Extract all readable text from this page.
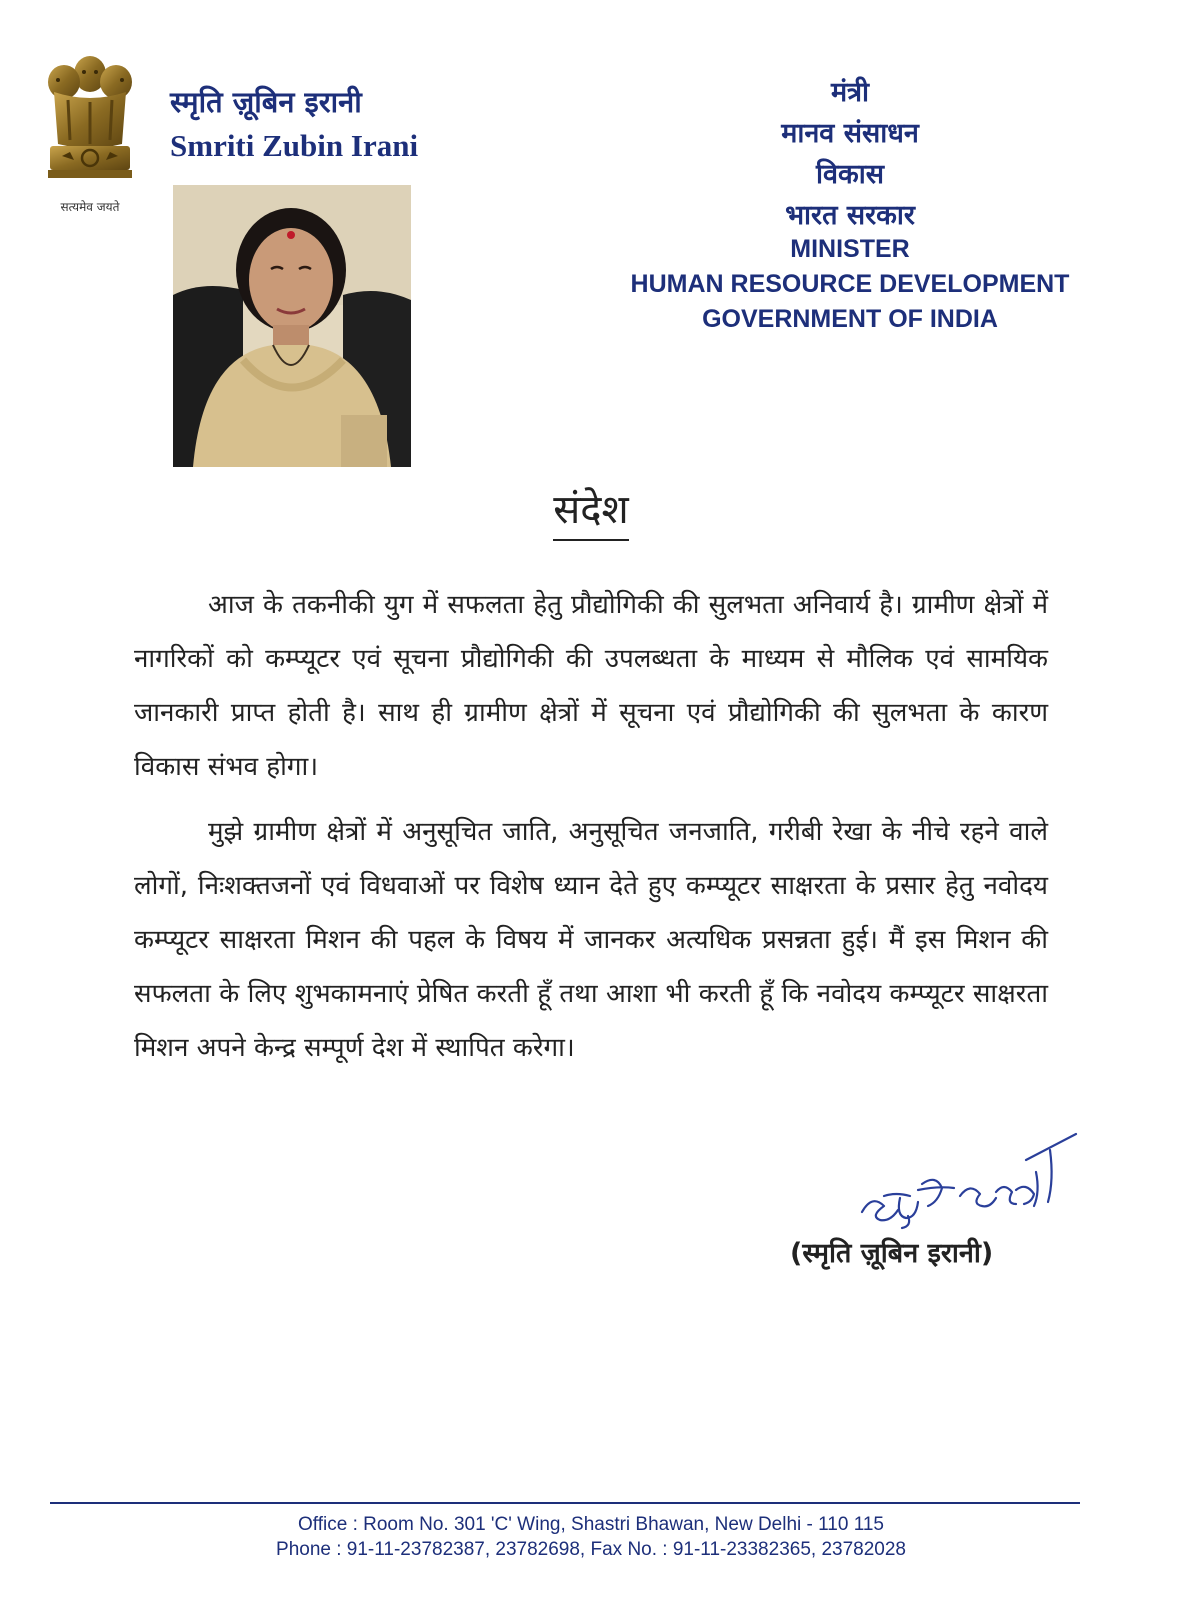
सत्यमेव जयते
स्मृति ज़ूबिन इरानी
Smriti Zubin Irani
मंत्री
मानव संसाधन
विकास
भारत सरकार
MINISTER
HUMAN RESOURCE DEVELOPMENT
GOVERNMENT OF INDIA
संदेश

आज के तकनीकी युग में सफलता हेतु प्रौद्योगिकी की सुलभता अनिवार्य है। ग्रामीण क्षेत्रों में नागरिकों को कम्प्यूटर एवं सूचना प्रौद्योगिकी की उपलब्धता के माध्यम से मौलिक एवं सामयिक जानकारी प्राप्त होती है। साथ ही ग्रामीण क्षेत्रों में सूचना एवं प्रौद्योगिकी की सुलभता के कारण विकास संभव होगा।

मुझे ग्रामीण क्षेत्रों में अनुसूचित जाति, अनुसूचित जनजाति, गरीबी रेखा के नीचे रहने वाले लोगों, निःशक्तजनों एवं विधवाओं पर विशेष ध्यान देते हुए कम्प्यूटर साक्षरता के प्रसार हेतु नवोदय कम्प्यूटर साक्षरता मिशन की पहल के विषय में जानकर अत्यधिक प्रसन्नता हुई। मैं इस मिशन की सफलता के लिए शुभकामनाएं प्रेषित करती हूँ तथा आशा भी करती हूँ कि नवोदय कम्प्यूटर साक्षरता मिशन अपने केन्द्र सम्पूर्ण देश में स्थापित करेगा।

(स्मृति ज़ूबिन इरानी)
Office : Room No. 301 'C' Wing, Shastri Bhawan, New Delhi - 110 115
Phone : 91-11-23782387, 23782698, Fax No. : 91-11-23382365, 23782028
